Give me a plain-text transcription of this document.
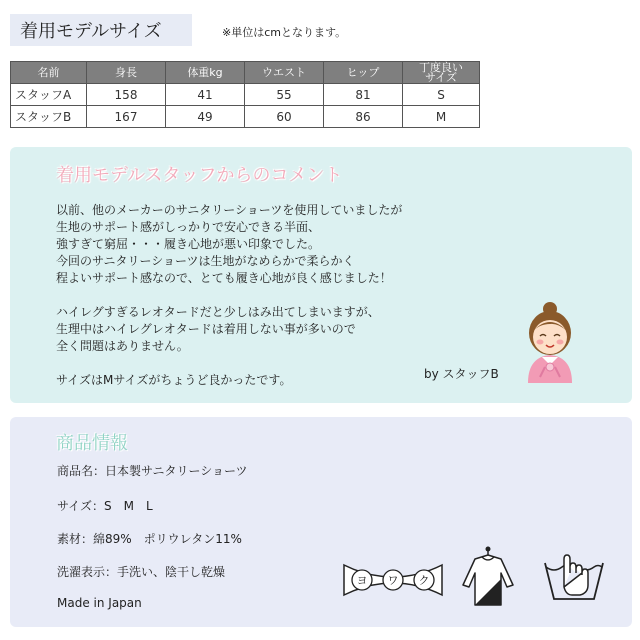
着用モデルサイズ	※単位はcmとなります。
名前	身長	体重kg	ウエスト	ヒップ	丁度良い
サイズ

スタッフA	158	41	55	81	S
スタッフB	167	49	60	86	M
着用モデルスタッフからのコメント

以前、他のメーカーのサニタリーショーツを使用していましたが

生地のサポート感がしっかりで安心できる半面、

強すぎて窮屈・・・履き心地が悪い印象でした。

今回のサニタリーショーツは生地がなめらかで柔らかく

程よいサポート感なので、とても履き心地が良く感じました！

ハイレグすぎるレオタードだと少しはみ出てしまいますが、

生理中はハイレグレオタードは着用しない事が多いので

全く問題はありません。

サイズはMサイズがちょうど良かったです。	by スタッフB
商品情報
商品名：日本製サニタリーショーツ
サイズ：S　M　L
素材：綿89%　ポリウレタン11%
洗濯表示：手洗い、陰干し乾燥
Made in Japan
ヨ ワ ク
